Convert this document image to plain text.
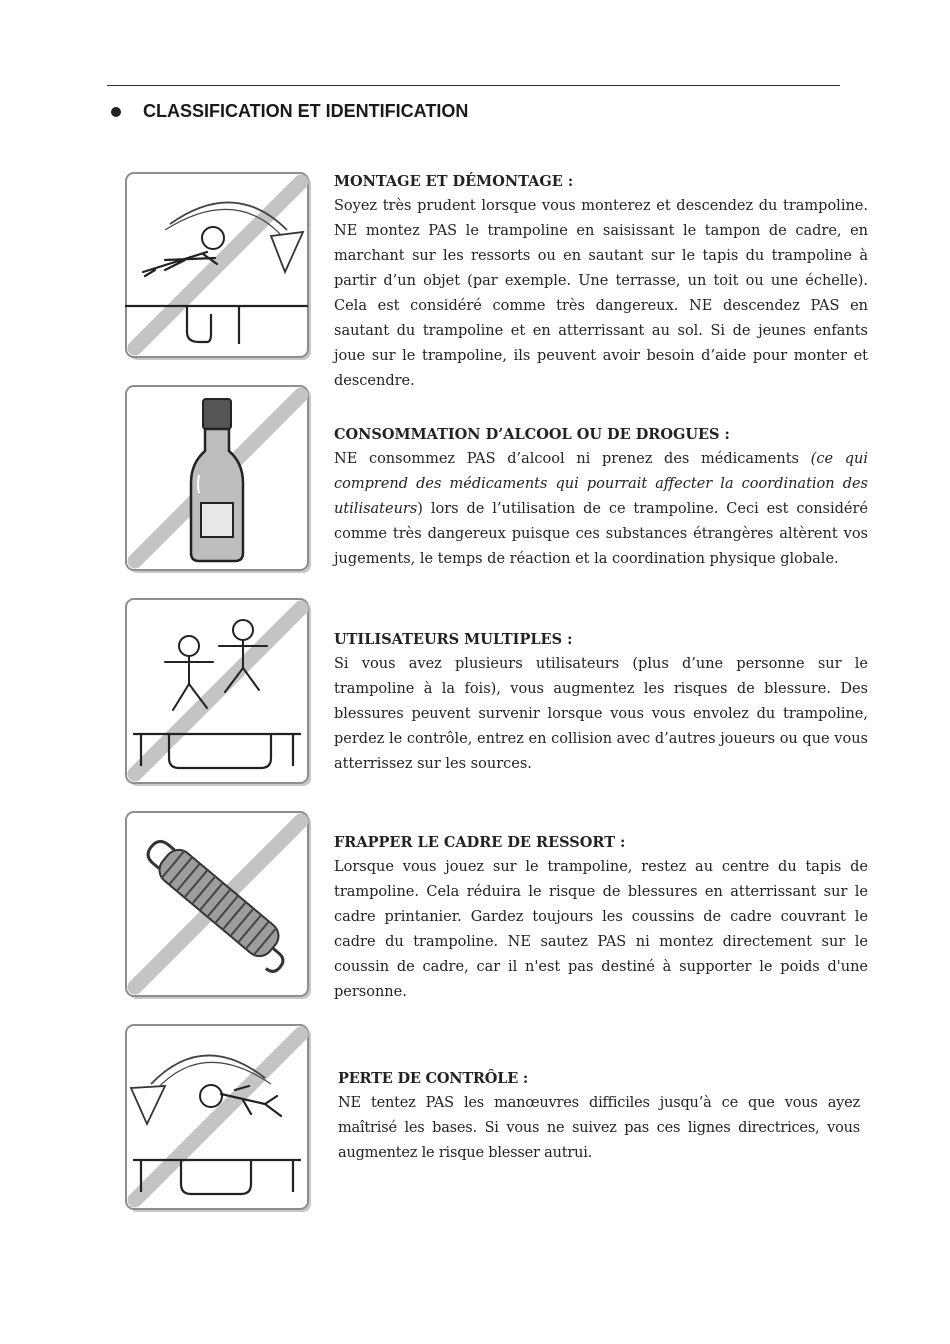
CLASSIFICATION ET IDENTIFICATION
MONTAGE ET DÉMONTAGE :

Soyez très prudent lorsque vous monterez et descendez du trampoline. NE montez PAS le trampoline en saisissant le tampon de cadre, en marchant sur les ressorts ou en sautant sur le tapis du trampoline à partir d’un objet (par exemple. Une terrasse, un toit ou une échelle). Cela est considéré comme très dangereux. NE descendez PAS en sautant du trampoline et en atterrissant au sol. Si de jeunes enfants joue sur le trampoline, ils peuvent avoir besoin d’aide pour monter et descendre.

CONSOMMATION D’ALCOOL OU DE DROGUES :

NE consommez PAS d’alcool ni prenez des médicaments (ce qui comprend des médicaments qui pourrait affecter la coordination des utilisateurs) lors de l’utilisation de ce trampoline. Ceci est considéré comme très dangereux puisque ces substances étrangères altèrent vos jugements, le temps de réaction et la coordination physique globale.

UTILISATEURS MULTIPLES :

Si vous avez plusieurs utilisateurs (plus d’une personne sur le trampoline à la fois), vous augmentez les risques de blessure. Des blessures peuvent survenir lorsque vous vous envolez du trampoline, perdez le contrôle, entrez en collision avec d’autres joueurs ou que vous atterrissez sur les sources.

FRAPPER LE CADRE DE RESSORT :

Lorsque vous jouez sur le trampoline, restez au centre du tapis de trampoline. Cela réduira le risque de blessures en atterrissant sur le cadre printanier. Gardez toujours les coussins de cadre couvrant le cadre du trampoline. NE sautez PAS ni montez directement sur le coussin de cadre, car il n'est pas destiné à supporter le poids d'une personne.

PERTE DE CONTRÔLE :

NE tentez PAS les manœuvres difficiles jusqu’à ce que vous ayez maîtrisé les bases. Si vous ne suivez pas ces lignes directrices, vous augmentez le risque blesser autrui.
